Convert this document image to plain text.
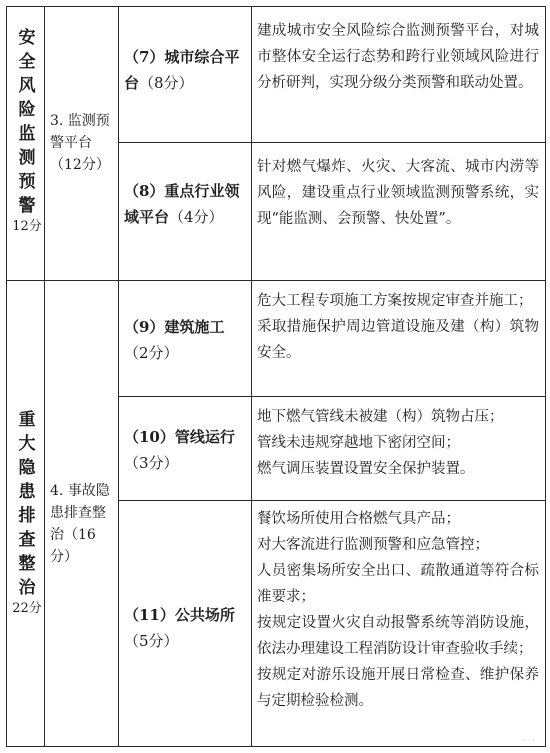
安全风险监测预警
12分
3. 监测预警平台（12分）
（7）城市综合平台（8分）
建成城市安全风险综合监测预警平台，对城市整体安全运行态势和跨行业领域风险进行分析研判，实现分级分类预警和联动处置。
（8）重点行业领域平台（4分）
针对燃气爆炸、火灾、大客流、城市内涝等风险，建设重点行业领域监测预警系统，实现“能监测、会预警、快处置”。
重大隐患排查整治
22分
4. 事故隐患排查整治（16分）
（9）建筑施工（2分）
危大工程专项施工方案按规定审查并施工；
采取措施保护周边管道设施及建（构）筑物安全。
（10）管线运行（3分）
地下燃气管线未被建（构）筑物占压；
管线未违规穿越地下密闭空间；
燃气调压装置设置安全保护装置。
（11）公共场所（5分）
餐饮场所使用合格燃气具产品；
对大客流进行监测预警和应急管控；
人员密集场所安全出口、疏散通道等符合标准要求；
按规定设置火灾自动报警系统等消防设施，依法办理建设工程消防设计审查验收手续；
按规定对游乐设施开展日常检查、维护保养与定期检验检测。
· ·
